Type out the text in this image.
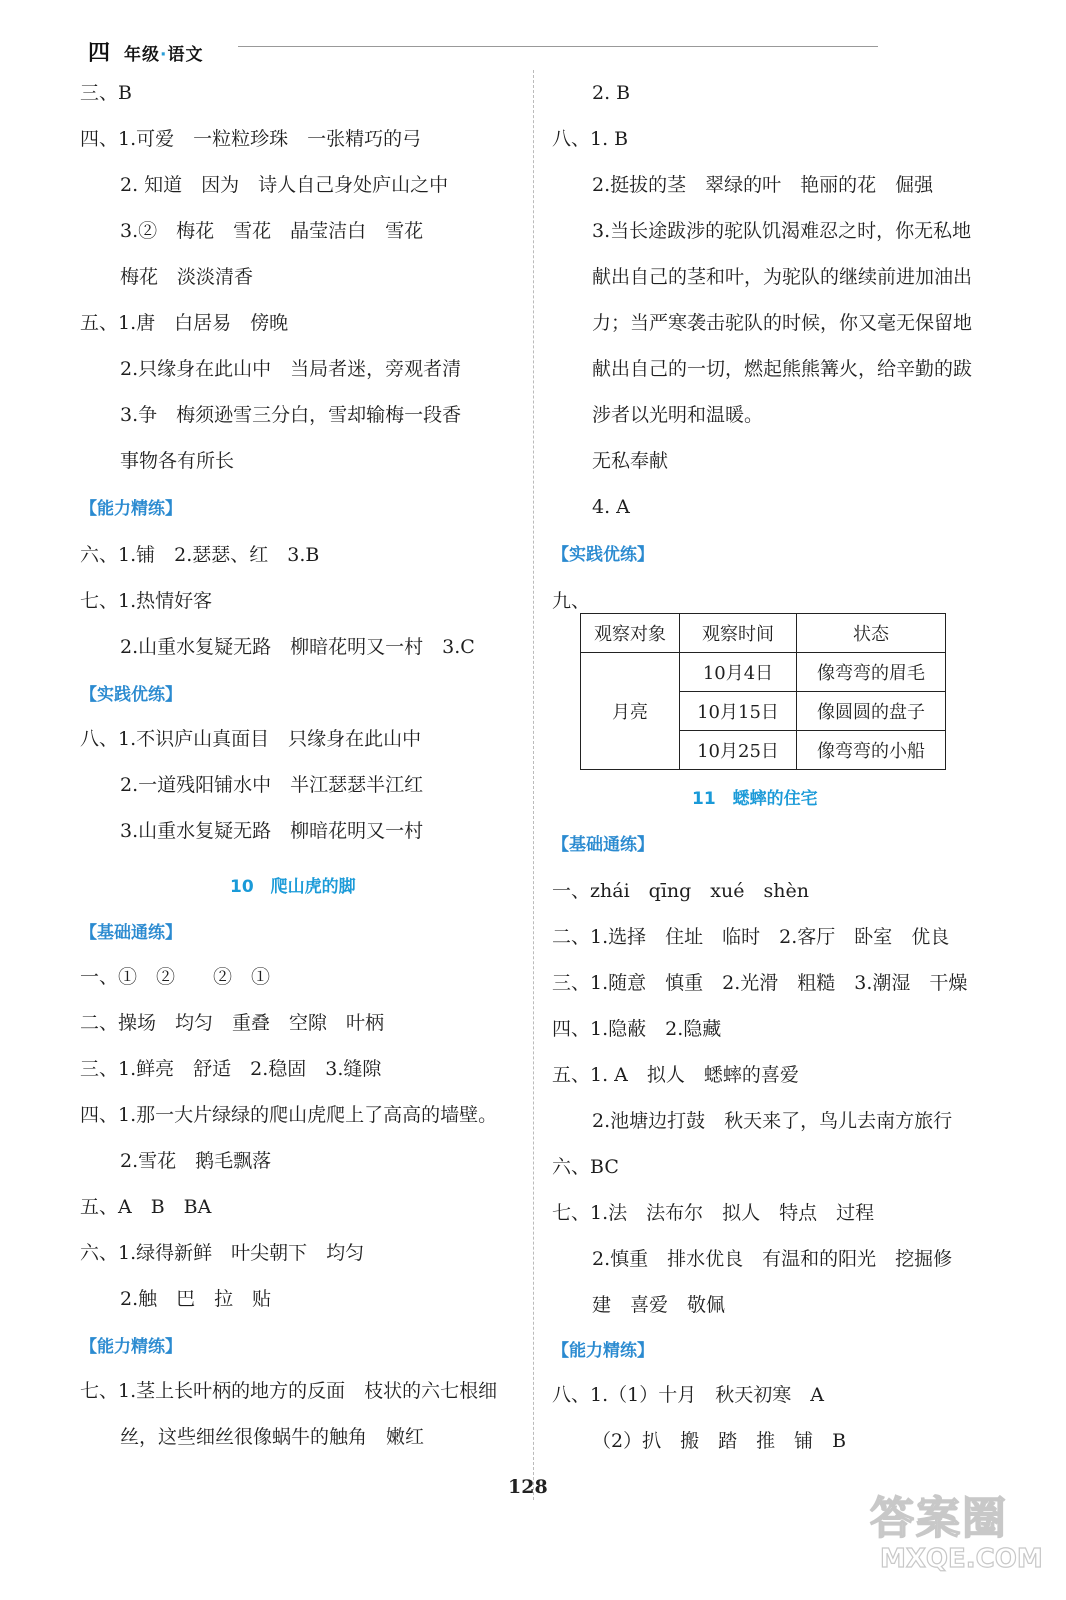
四 年级·语文
三、B
四、1.可爱　一粒粒珍珠　一张精巧的弓
2. 知道　因为　诗人自己身处庐山之中
3.②　梅花　雪花　晶莹洁白　雪花
梅花　淡淡清香
五、1.唐　白居易　傍晚
2.只缘身在此山中　当局者迷，旁观者清
3.争　梅须逊雪三分白，雪却输梅一段香
事物各有所长
【能力精练】
六、1.铺　2.瑟瑟、红　3.B
七、1.热情好客
2.山重水复疑无路　柳暗花明又一村　3.C
【实践优练】
八、1.不识庐山真面目　只缘身在此山中
2.一道残阳铺水中　半江瑟瑟半江红
3.山重水复疑无路　柳暗花明又一村
10　爬山虎的脚
【基础通练】
一、①　②　　②　①
二、操场　均匀　重叠　空隙　叶柄
三、1.鲜亮　舒适　2.稳固　3.缝隙
四、1.那一大片绿绿的爬山虎爬上了高高的墙壁。
2.雪花　鹅毛飘落
五、A　B　BA
六、1.绿得新鲜　叶尖朝下　均匀
2.触　巴　拉　贴
【能力精练】
七、1.茎上长叶柄的地方的反面　枝状的六七根细
丝，这些细丝很像蜗牛的触角　嫩红
2. B
八、1. B
2.挺拔的茎　翠绿的叶　艳丽的花　倔强
3.当长途跋涉的驼队饥渴难忍之时，你无私地
献出自己的茎和叶，为驼队的继续前进加油出
力；当严寒袭击驼队的时候，你又毫无保留地
献出自己的一切，燃起熊熊篝火，给辛勤的跋
涉者以光明和温暖。
无私奉献
4. A
【实践优练】
九、
11　蟋蟀的住宅
【基础通练】
一、zhái　qīng　xué　shèn
二、1.选择　住址　临时　2.客厅　卧室　优良
三、1.随意　慎重　2.光滑　粗糙　3.潮湿　干燥
四、1.隐蔽　2.隐藏
五、1. A　拟人　蟋蟀的喜爱
2.池塘边打鼓　秋天来了，鸟儿去南方旅行
六、BC
七、1.法　法布尔　拟人　特点　过程
2.慎重　排水优良　有温和的阳光　挖掘修
建　喜爱　敬佩
【能力精练】
八、1.（1）十月　秋天初寒　A
（2）扒　搬　踏　推　铺　B
观察对象	观察时间	状态
月亮	10月4日	像弯弯的眉毛
	10月15日	像圆圆的盘子
	10月25日	像弯弯的小船
128
答案圈
MXQE.COM
